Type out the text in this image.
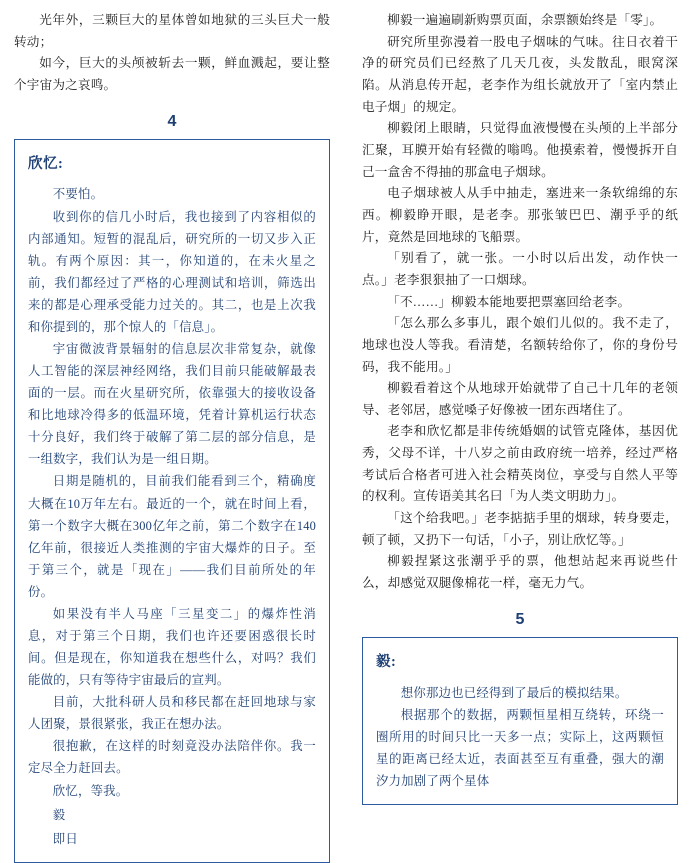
光年外，三颗巨大的星体曾如地狱的三头巨犬一般转动；

如今，巨大的头颅被斩去一颗，鲜血溅起，要让整个宇宙为之哀鸣。

4

欣忆:

不要怕。

收到你的信几小时后，我也接到了内容相似的内部通知。短暂的混乱后，研究所的一切又步入正轨。有两个原因：其一，你知道的，在未火星之前，我们都经过了严格的心理测试和培训，筛选出来的都是心理承受能力过关的。其二，也是上次我和你提到的，那个惊人的「信息」。

宇宙微波背景辐射的信息层次非常复杂，就像人工智能的深层神经网络，我们目前只能破解最表面的一层。而在火星研究所，依靠强大的接收设备和比地球冷得多的低温环境，凭着计算机运行状态十分良好，我们终于破解了第二层的部分信息，是一组数字，我们认为是一组日期。

日期是随机的，目前我们能看到三个，精确度大概在10万年左右。最近的一个，就在时间上看，第一个数字大概在300亿年之前，第二个数字在140亿年前，很接近人类推测的宇宙大爆炸的日子。至于第三个，就是「现在」——我们目前所处的年份。

如果没有半人马座「三星变二」的爆炸性消息，对于第三个日期，我们也许还要困惑很长时间。但是现在，你知道我在想些什么，对吗？我们能做的，只有等待宇宙最后的宣判。

目前，大批科研人员和移民都在赶回地球与家人团聚，景很紧张，我正在想办法。

很抱歉，在这样的时刻竟没办法陪伴你。我一定尽全力赶回去。

欣忆，等我。

毅

即日

柳毅一遍遍刷新购票页面，余票额始终是「零」。

研究所里弥漫着一股电子烟味的气味。往日衣着干净的研究员们已经熬了几天几夜，头发散乱，眼窝深陷。从消息传开起，老李作为组长就放开了「室内禁止电子烟」的规定。

柳毅闭上眼睛，只觉得血液慢慢在头颅的上半部分汇聚，耳膜开始有轻微的嗡鸣。他摸索着，慢慢拆开自己一盒舍不得抽的那盒电子烟球。

电子烟球被人从手中抽走，塞进来一条软绵绵的东西。柳毅睁开眼，是老李。那张皱巴巴、潮乎乎的纸片，竟然是回地球的飞船票。

「别看了，就一张。一小时以后出发，动作快一点。」老李狠狠抽了一口烟球。

「不……」柳毅本能地要把票塞回给老李。

「怎么那么多事儿，跟个娘们儿似的。我不走了，地球也没人等我。看清楚，名额转给你了，你的身份号码，我不能用。」

柳毅看着这个从地球开始就带了自己十几年的老领导、老邻居，感觉嗓子好像被一团东西堵住了。

老李和欣忆都是非传统婚姻的试管克隆体，基因优秀，父母不详，十八岁之前由政府统一培养，经过严格考试后合格者可进入社会精英岗位，享受与自然人平等的权利。宣传语美其名曰「为人类文明助力」。

「这个给我吧。」老李掂掂手里的烟球，转身要走，顿了顿，又扔下一句话，「小子，别让欣忆等。」

柳毅捏紧这张潮乎乎的票，他想站起来再说些什么，却感觉双腿像棉花一样，毫无力气。

5

毅:

想你那边也已经得到了最后的模拟结果。

根据那个的数据，两颗恒星相互绕转，环绕一圈所用的时间只比一天多一点；实际上，这两颗恒星的距离已经太近，表面甚至互有重叠，强大的潮汐力加剧了两个星体
